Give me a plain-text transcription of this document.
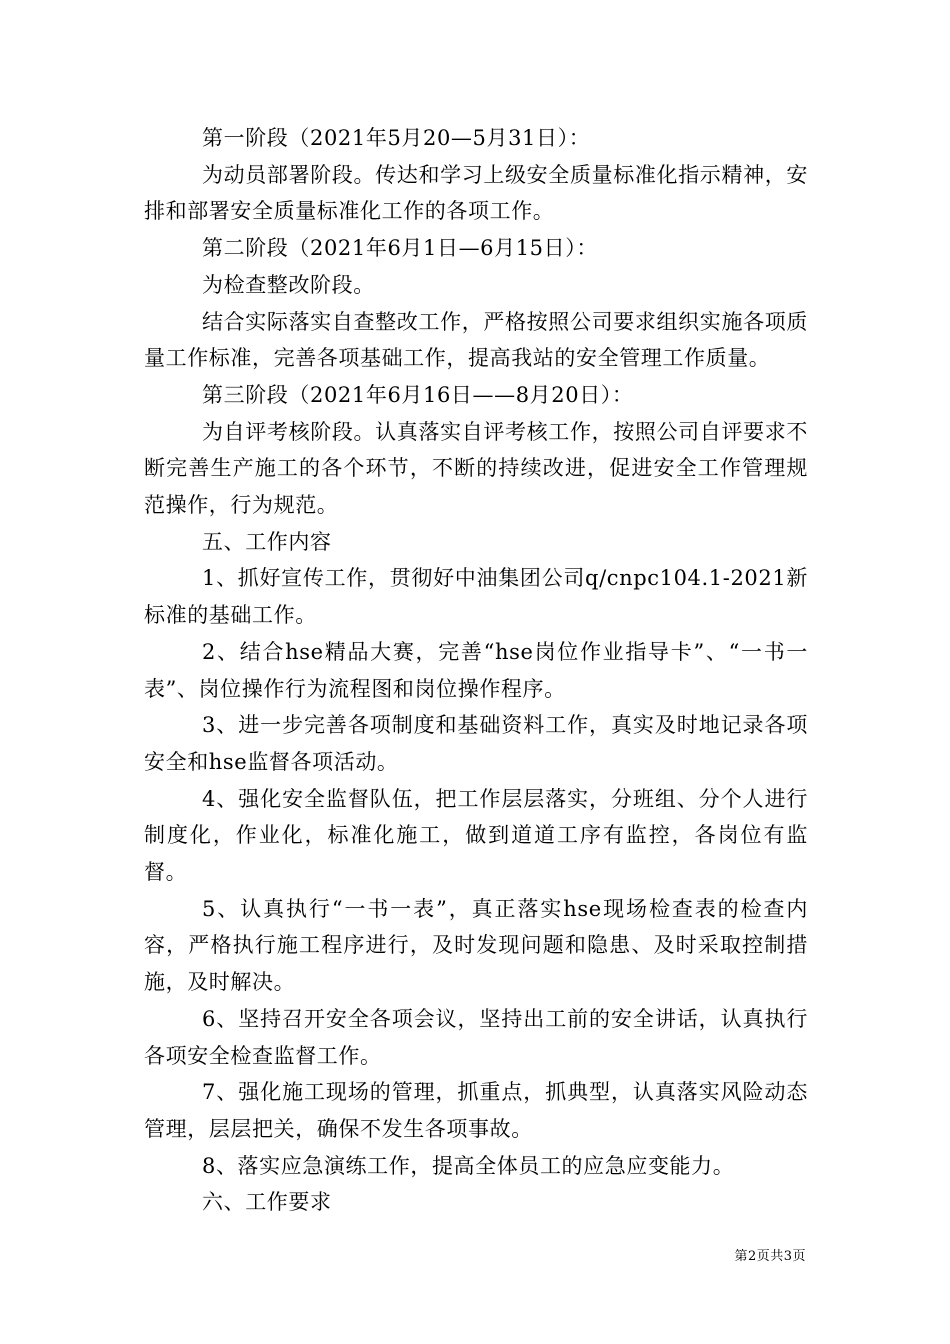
第一阶段（2021年5月20—5月31日）：

为动员部署阶段。传达和学习上级安全质量标准化指示精神，安排和部署安全质量标准化工作的各项工作。

第二阶段（2021年6月1日—6月15日）：

为检查整改阶段。

结合实际落实自查整改工作，严格按照公司要求组织实施各项质量工作标准，完善各项基础工作，提高我站的安全管理工作质量。

第三阶段（2021年6月16日——8月20日）：

为自评考核阶段。认真落实自评考核工作，按照公司自评要求不断完善生产施工的各个环节，不断的持续改进，促进安全工作管理规范操作，行为规范。

五、工作内容

1、抓好宣传工作，贯彻好中油集团公司q/cnpc104.1-2021新标准的基础工作。

2、结合hse精品大赛，完善“hse岗位作业指导卡”、“一书一表”、岗位操作行为流程图和岗位操作程序。

3、进一步完善各项制度和基础资料工作，真实及时地记录各项安全和hse监督各项活动。

4、强化安全监督队伍，把工作层层落实，分班组、分个人进行制度化，作业化，标准化施工，做到道道工序有监控，各岗位有监督。

5、认真执行“一书一表”，真正落实hse现场检查表的检查内容，严格执行施工程序进行，及时发现问题和隐患、及时采取控制措施，及时解决。

6、坚持召开安全各项会议，坚持出工前的安全讲话，认真执行各项安全检查监督工作。

7、强化施工现场的管理，抓重点，抓典型，认真落实风险动态管理，层层把关，确保不发生各项事故。

8、落实应急演练工作，提高全体员工的应急应变能力。

六、工作要求

第2页共3页
